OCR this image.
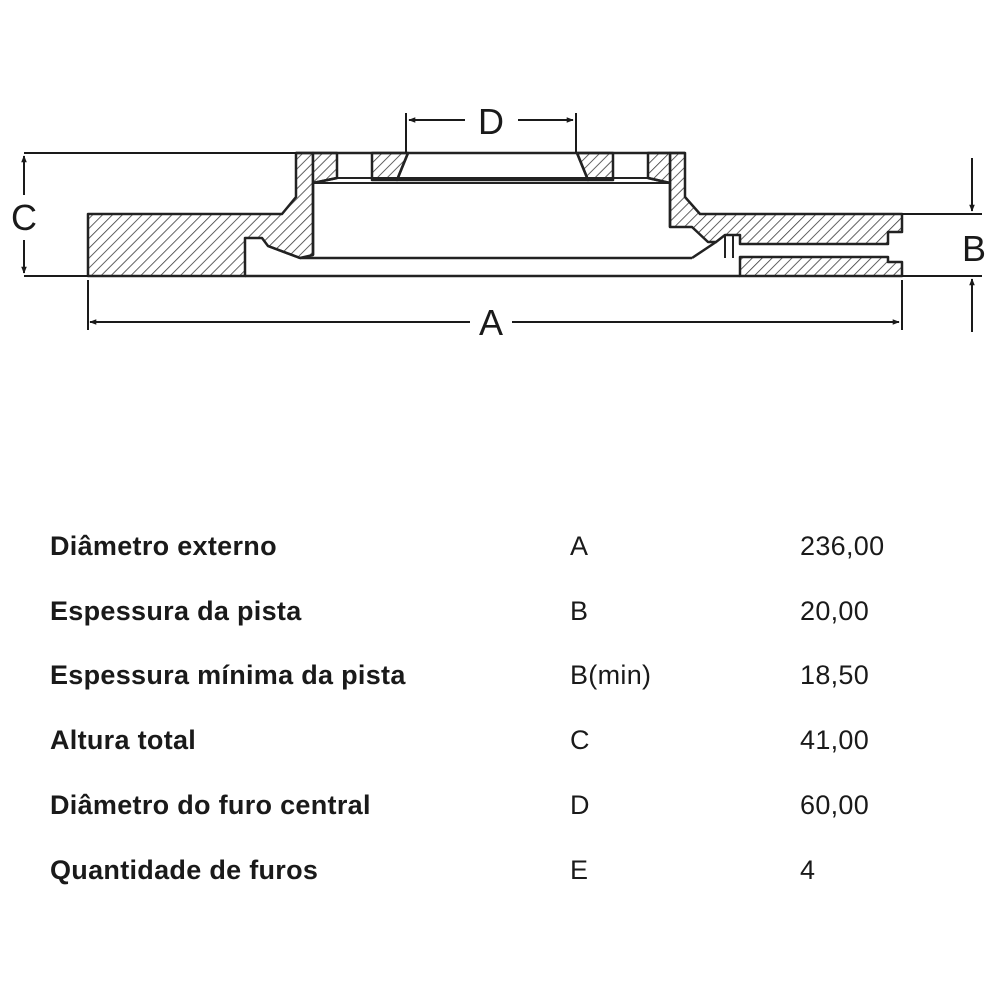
A
D
C
B
Diâmetro externo	A	236,00
Espessura da pista	B	20,00
Espessura mínima da pista	B(min)	18,50
Altura total	C	41,00
Diâmetro do furo central	D	60,00
Quantidade de furos	E	4
